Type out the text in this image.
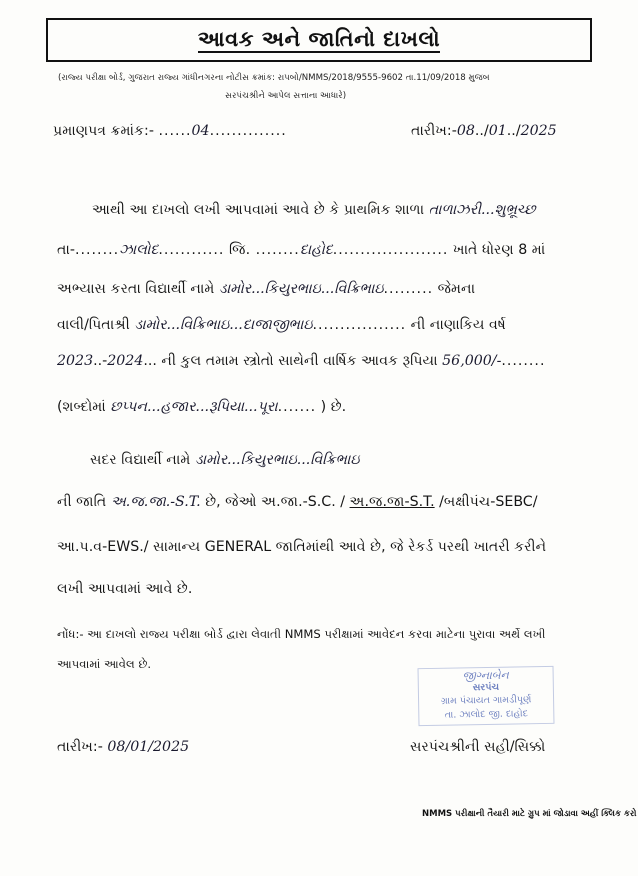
આવક અને જાતિનો દાખલો
(રાજ્ય પરીક્ષા બોર્ડ, ગુજરાત રાજ્ય ગાંધીનગરના નોટીસ ક્રમાંક: રાપબો/NMMS/2018/9555-9602 તા.11/09/2018 મુજબ
સરપંચશ્રીને આપેલ સત્તાના આધારે)
પ્રમાણપત્ર ક્રમાંક:- ......04..............	તારીખ:-08../01../2025
આથી આ દાખલો લખી આપવામાં આવે છે કે પ્રાથમિક શાળા તાળાઝરી...શુભ્રૂચ્છ
તા-........ઝાલોદ............ જિ. ........દાહોદ..................... ખાતે ધોરણ 8 માં
અભ્યાસ કરતા વિદ્યાર્થી નામે ડામોર...કિયુરભાઇ...વિક્રિભાઇ......... જેમના
વાલી/પિતાશ્રી ડામોર...વિક્રિભાઇ...દાજાજીભાઇ................. ની નાણાકિય વર્ષ
2023..-2024... ની કુલ તમામ સ્ત્રોતો સાથેની વાર્ષિક આવક રૂપિયા 56,000/-........
(શબ્દોમાં છપ્પન...હજાર...રૂપિયા...પૂરા....... ) છે.
સદર વિદ્યાર્થી નામે ડામોર...કિયુરભાઇ...વિક્રિભાઇ
ની જાતિ અ.જ.જા.-S.T. છે, જેઓ અ.જા.-S.C. / અ.જ.જા-S.T. /બક્ષીપંચ-SEBC/
આ.પ.વ-EWS./ સામાન્ય GENERAL જાતિમાંથી આવે છે, જે રેકર્ડ પરથી ખાતરી કરીને
લખી આપવામાં આવે છે.
નોંધ:- આ દાખલો રાજ્ય પરીક્ષા બોર્ડ દ્વારા લેવાતી NMMS પરીક્ષામાં આવેદન કરવા માટેના પુરાવા અર્થે લખી
આપવામાં આવેલ છે.
જીગ્નાબેન
સરપંચ
ગ્રામ પંચાયત ગામડીપૂર્ણ
તા. ઝાલોદ જી. દાહોદ
તારીખ:- 08/01/2025	સરપંચશ્રીની સહી/સિક્કો
NMMS પરીક્ષાની તૈયારી માટે ગ્રુપ માં જોડાવા અહીં ક્લિક કરો
